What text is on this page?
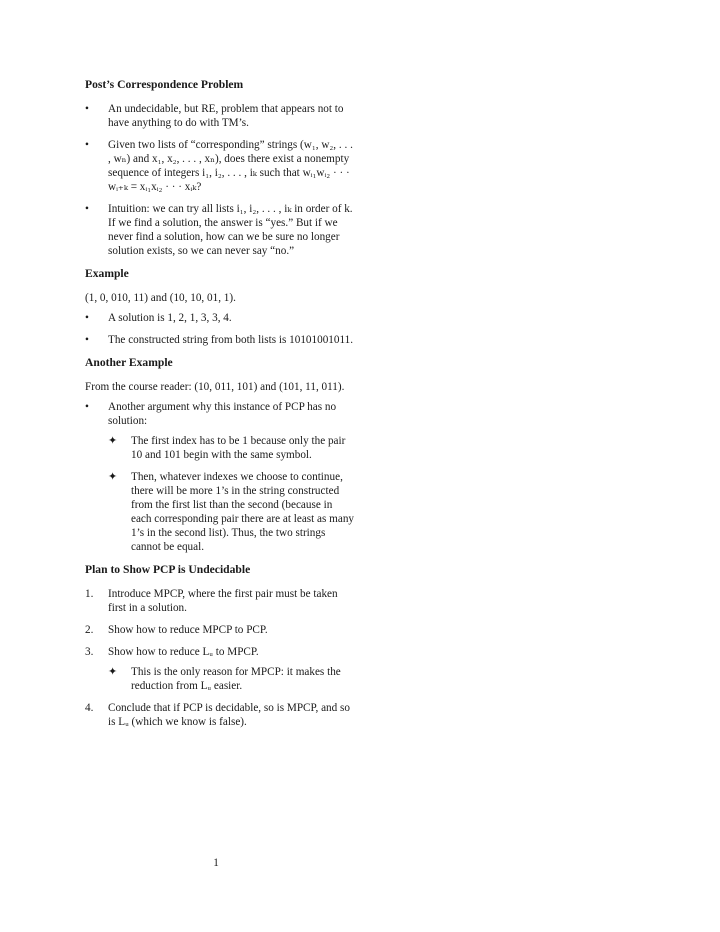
Post’s Correspondence Problem
•
An undecidable, but RE, problem that appears not to have anything to do with TM’s.
•
Given two lists of “corresponding” strings (w₁, w₂, . . . , wₙ) and x₁, x₂, . . . , xₙ), does there exist a nonempty sequence of integers i₁, i₂, . . . , iₖ such that wᵢ₁wᵢ₂ · · · wᵢ₊ₖ = xᵢ₁xᵢ₂ · · · xᵢₖ?
•
Intuition: we can try all lists i₁, i₂, . . . , iₖ in order of k. If we find a solution, the answer is “yes.” But if we never find a solution, how can we be sure no longer solution exists, so we can never say “no.”
Example

(1, 0, 010, 11) and (10, 10, 01, 1).

•
A solution is 1, 2, 1, 3, 3, 4.
•
The constructed string from both lists is 10101001011.
Another Example

From the course reader: (10, 011, 101) and (101, 11, 011).

•
Another argument why this instance of PCP has no solution:
✦ The first index has to be 1 because only the pair 10 and 101 begin with the same symbol.
✦ Then, whatever indexes we choose to continue, there will be more 1’s in the string constructed from the first list than the second (because in each corresponding pair there are at least as many 1’s in the second list). Thus, the two strings cannot be equal.
Plan to Show PCP is Undecidable
1.	Introduce MPCP, where the first pair must be taken first in a solution.
2.	Show how to reduce MPCP to PCP.
3.	Show how to reduce Lᵤ to MPCP.
✦ This is the only reason for MPCP: it makes the reduction from Lᵤ easier.
4.	Conclude that if PCP is decidable, so is MPCP, and so is Lᵤ (which we know is false).
1
